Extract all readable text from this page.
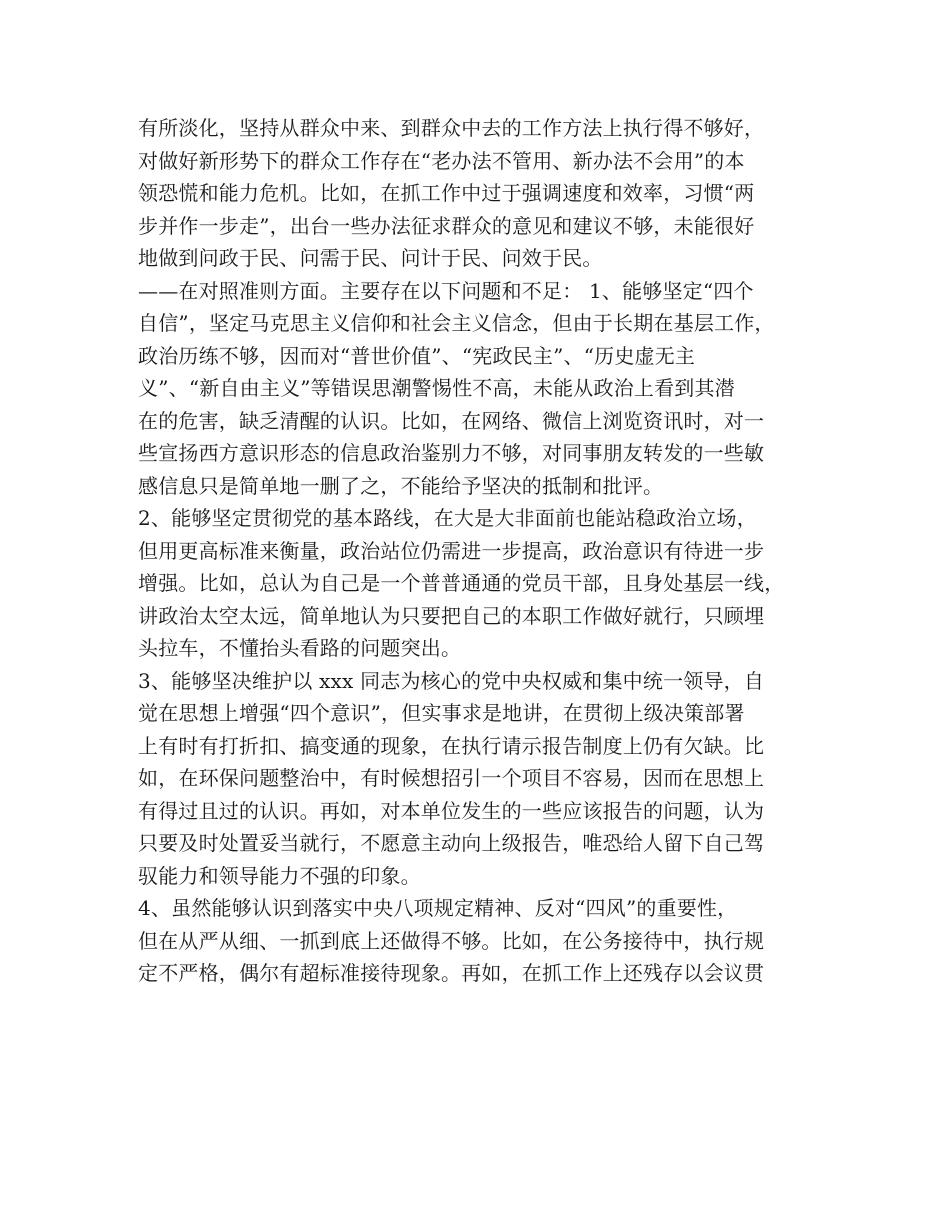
有所淡化，坚持从群众中来、到群众中去的工作方法上执行得不够好，
对做好新形势下的群众工作存在“老办法不管用、新办法不会用”的本
领恐慌和能力危机。比如，在抓工作中过于强调速度和效率，习惯“两
步并作一步走”，出台一些办法征求群众的意见和建议不够，未能很好
地做到问政于民、问需于民、问计于民、问效于民。
——在对照准则方面。主要存在以下问题和不足： 1、能够坚定“四个
自信”，坚定马克思主义信仰和社会主义信念，但由于长期在基层工作，
政治历练不够，因而对“普世价值”、“宪政民主”、“历史虚无主
义”、“新自由主义”等错误思潮警惕性不高，未能从政治上看到其潜
在的危害，缺乏清醒的认识。比如，在网络、微信上浏览资讯时，对一
些宣扬西方意识形态的信息政治鉴别力不够，对同事朋友转发的一些敏
感信息只是简单地一删了之，不能给予坚决的抵制和批评。
2、能够坚定贯彻党的基本路线，在大是大非面前也能站稳政治立场，
但用更高标准来衡量，政治站位仍需进一步提高，政治意识有待进一步
增强。比如，总认为自己是一个普普通通的党员干部，且身处基层一线，
讲政治太空太远，简单地认为只要把自己的本职工作做好就行，只顾埋
头拉车，不懂抬头看路的问题突出。
3、能够坚决维护以 xxx 同志为核心的党中央权威和集中统一领导，自
觉在思想上增强“四个意识”，但实事求是地讲，在贯彻上级决策部署
上有时有打折扣、搞变通的现象，在执行请示报告制度上仍有欠缺。比
如，在环保问题整治中，有时候想招引一个项目不容易，因而在思想上
有得过且过的认识。再如，对本单位发生的一些应该报告的问题，认为
只要及时处置妥当就行，不愿意主动向上级报告，唯恐给人留下自己驾
驭能力和领导能力不强的印象。
4、虽然能够认识到落实中央八项规定精神、反对“四风”的重要性，
但在从严从细、一抓到底上还做得不够。比如，在公务接待中，执行规
定不严格，偶尔有超标准接待现象。再如，在抓工作上还残存以会议贯
